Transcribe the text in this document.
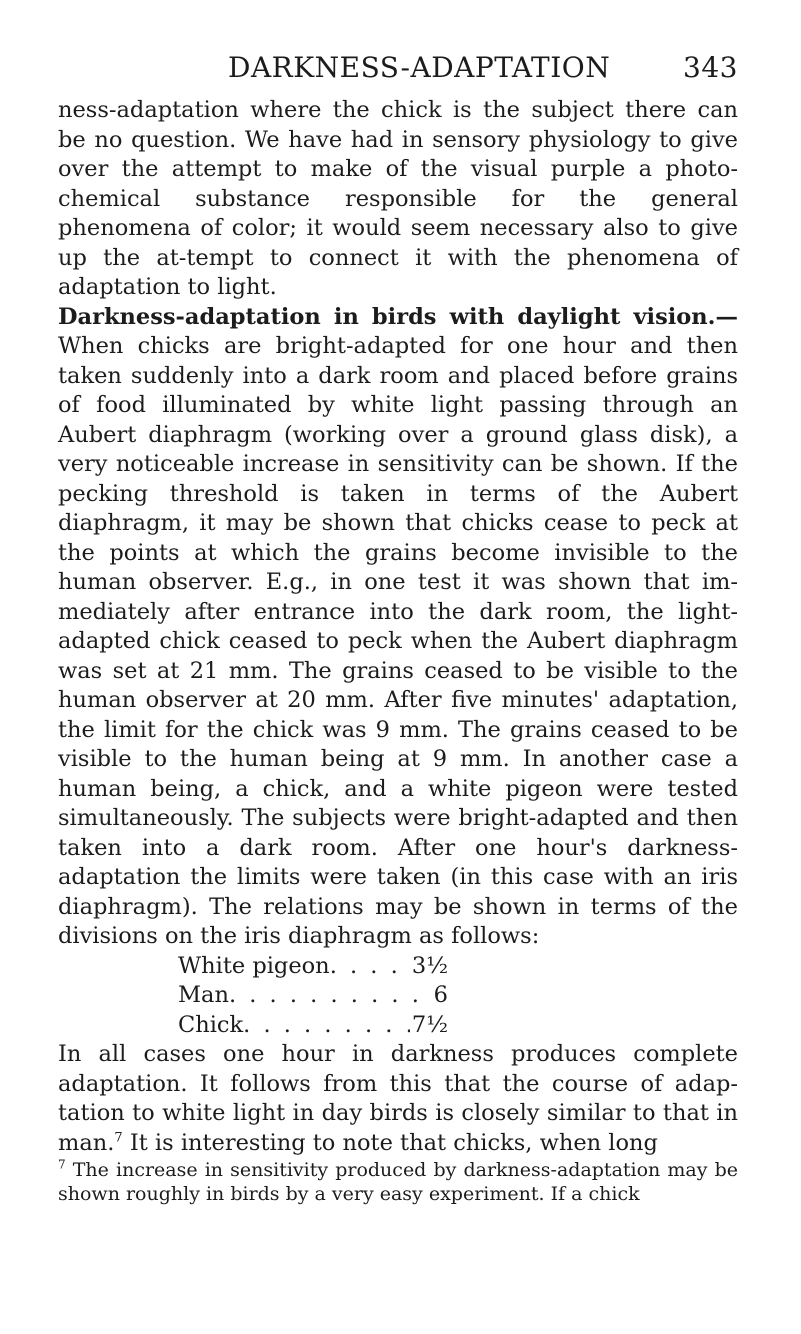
DARKNESS-ADAPTATION	343

ness-adaptation where the chick is the subject there can be no question. We have had in sensory physiology to give over the attempt to make of the visual purple a photo-chemical substance responsible for the general phenomena of color; it would seem necessary also to give up the at-tempt to connect it with the phenomena of adaptation to light.

Darkness-adaptation in birds with daylight vision.— When chicks are bright-adapted for one hour and then taken suddenly into a dark room and placed before grains of food illuminated by white light passing through an Aubert diaphragm (working over a ground glass disk), a very noticeable increase in sensitivity can be shown. If the pecking threshold is taken in terms of the Aubert diaphragm, it may be shown that chicks cease to peck at the points at which the grains become invisible to the human observer. E.g., in one test it was shown that im-mediately after entrance into the dark room, the light-adapted chick ceased to peck when the Aubert diaphragm was set at 21 mm. The grains ceased to be visible to the human observer at 20 mm. After five minutes' adaptation, the limit for the chick was 9 mm. The grains ceased to be visible to the human being at 9 mm. In another case a human being, a chick, and a white pigeon were tested simultaneously. The subjects were bright-adapted and then taken into a dark room. After one hour's darkness-adaptation the limits were taken (in this case with an iris diaphragm). The relations may be shown in terms of the divisions on the iris diaphragm as follows:

White pigeon . . .	3½
Man . . .	6
Chick . . .	7½

In all cases one hour in darkness produces complete adaptation. It follows from this that the course of adap-tation to white light in day birds is closely similar to that in man.$^7$ It is interesting to note that chicks, when long

$^7$ The increase in sensitivity produced by darkness-adaptation may be shown roughly in birds by a very easy experiment. If a chick
